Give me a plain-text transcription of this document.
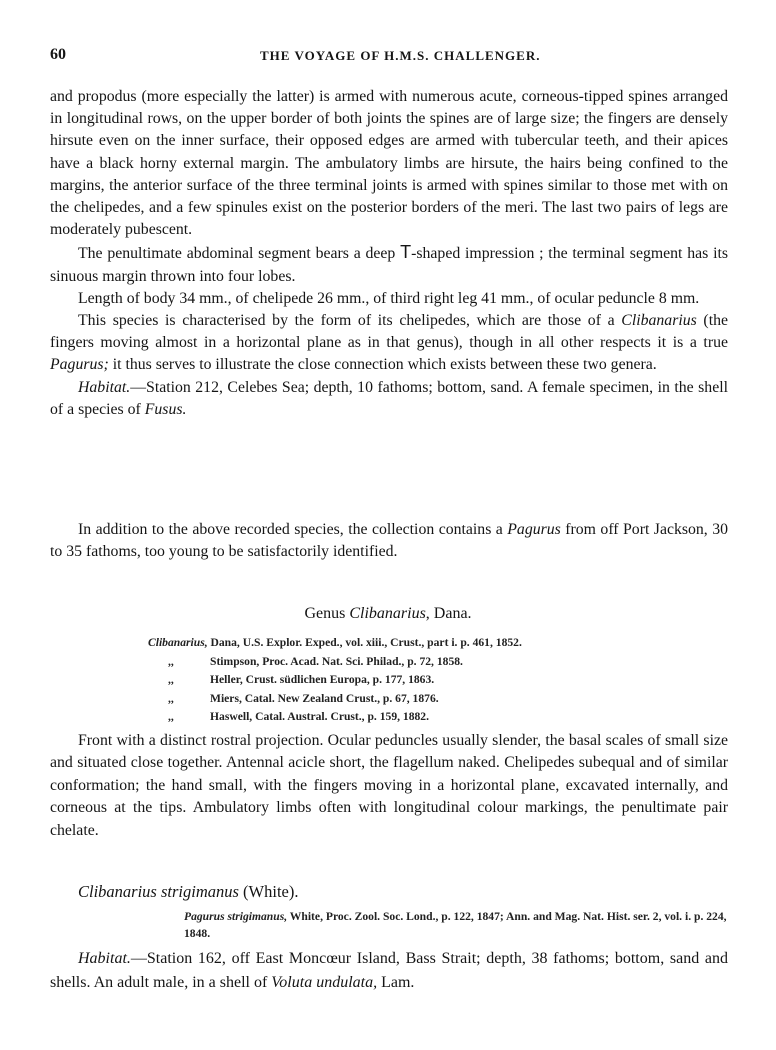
60	THE VOYAGE OF H.M.S. CHALLENGER.

and propodus (more especially the latter) is armed with numerous acute, corneous-tipped spines arranged in longitudinal rows, on the upper border of both joints the spines are of large size; the fingers are densely hirsute even on the inner surface, their opposed edges are armed with tubercular teeth, and their apices have a black horny external margin. The ambulatory limbs are hirsute, the hairs being confined to the margins, the anterior surface of the three terminal joints is armed with spines similar to those met with on the chelipedes, and a few spinules exist on the posterior borders of the meri. The last two pairs of legs are moderately pubescent.

The penultimate abdominal segment bears a deep T-shaped impression ; the terminal segment has its sinuous margin thrown into four lobes.

Length of body 34 mm., of chelipede 26 mm., of third right leg 41 mm., of ocular peduncle 8 mm.

This species is characterised by the form of its chelipedes, which are those of a Clibanarius (the fingers moving almost in a horizontal plane as in that genus), though in all other respects it is a true Pagurus; it thus serves to illustrate the close connection which exists between these two genera.

Habitat.—Station 212, Celebes Sea; depth, 10 fathoms; bottom, sand. A female specimen, in the shell of a species of Fusus.

In addition to the above recorded species, the collection contains a Pagurus from off Port Jackson, 30 to 35 fathoms, too young to be satisfactorily identified.

Genus Clibanarius, Dana.
Clibanarius, Dana, U.S. Explor. Exped., vol. xiii., Crust., part i. p. 461, 1852.
,,	Stimpson, Proc. Acad. Nat. Sci. Philad., p. 72, 1858.
,,	Heller, Crust. südlichen Europa, p. 177, 1863.
,,	Miers, Catal. New Zealand Crust., p. 67, 1876.
,,	Haswell, Catal. Austral. Crust., p. 159, 1882.

Front with a distinct rostral projection. Ocular peduncles usually slender, the basal scales of small size and situated close together. Antennal acicle short, the flagellum naked. Chelipedes subequal and of similar conformation; the hand small, with the fingers moving in a horizontal plane, excavated internally, and corneous at the tips. Ambulatory limbs often with longitudinal colour markings, the penultimate pair chelate.

Clibanarius strigimanus (White).
Pagurus strigimanus, White, Proc. Zool. Soc. Lond., p. 122, 1847; Ann. and Mag. Nat. Hist. ser. 2, vol. i. p. 224, 1848.

Habitat.—Station 162, off East Moncœur Island, Bass Strait; depth, 38 fathoms; bottom, sand and shells. An adult male, in a shell of Voluta undulata, Lam.
